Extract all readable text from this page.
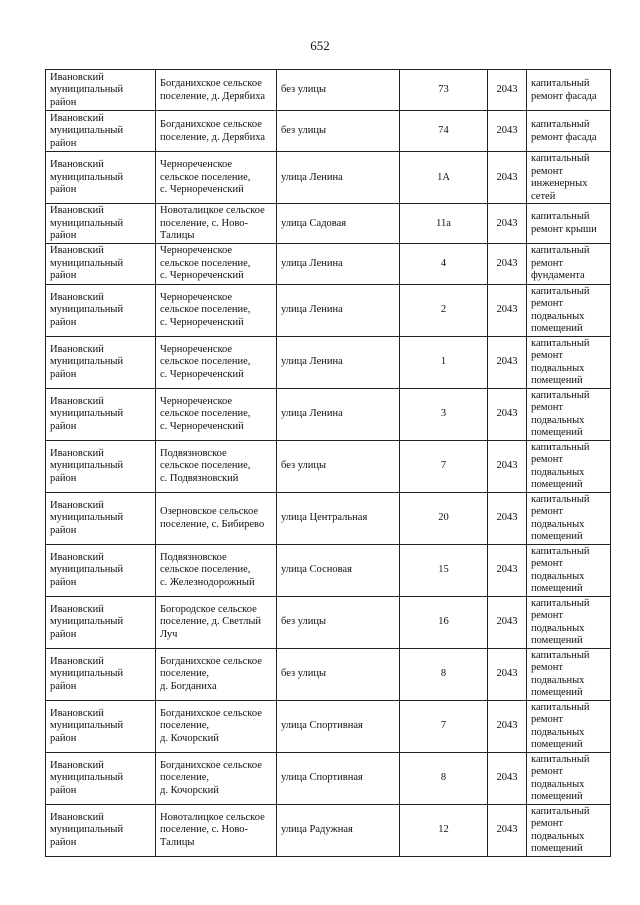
652
Ивановский
муниципальный
район	Богданихское сельское
поселение, д. Дерябиха	без улицы	73	2043	капитальный
ремонт фасада
Ивановский
муниципальный
район	Богданихское сельское
поселение, д. Дерябиха	без улицы	74	2043	капитальный
ремонт фасада
Ивановский
муниципальный
район	Чернореченское
сельское поселение,
с. Чернореченский	улица Ленина	1А	2043	капитальный
ремонт
инженерных
сетей
Ивановский
муниципальный
район	Новоталицкое сельское
поселение, с. Ново-
Талицы	улица Садовая	11а	2043	капитальный
ремонт крыши
Ивановский
муниципальный
район	Чернореченское
сельское поселение,
с. Чернореченский	улица Ленина	4	2043	капитальный
ремонт
фундамента
Ивановский
муниципальный
район	Чернореченское
сельское поселение,
с. Чернореченский	улица Ленина	2	2043	капитальный
ремонт
подвальных
помещений
Ивановский
муниципальный
район	Чернореченское
сельское поселение,
с. Чернореченский	улица Ленина	1	2043	капитальный
ремонт
подвальных
помещений
Ивановский
муниципальный
район	Чернореченское
сельское поселение,
с. Чернореченский	улица Ленина	3	2043	капитальный
ремонт
подвальных
помещений
Ивановский
муниципальный
район	Подвязновское
сельское поселение,
с. Подвязновский	без улицы	7	2043	капитальный
ремонт
подвальных
помещений
Ивановский
муниципальный
район	Озерновское сельское
поселение, с. Бибирево	улица Центральная	20	2043	капитальный
ремонт
подвальных
помещений
Ивановский
муниципальный
район	Подвязновское
сельское поселение,
с. Железнодорожный	улица Сосновая	15	2043	капитальный
ремонт
подвальных
помещений
Ивановский
муниципальный
район	Богородское сельское
поселение, д. Светлый
Луч	без улицы	16	2043	капитальный
ремонт
подвальных
помещений
Ивановский
муниципальный
район	Богданихское сельское
поселение,
д. Богданиха	без улицы	8	2043	капитальный
ремонт
подвальных
помещений
Ивановский
муниципальный
район	Богданихское сельское
поселение,
д. Кочорский	улица Спортивная	7	2043	капитальный
ремонт
подвальных
помещений
Ивановский
муниципальный
район	Богданихское сельское
поселение,
д. Кочорский	улица Спортивная	8	2043	капитальный
ремонт
подвальных
помещений
Ивановский
муниципальный
район	Новоталицкое сельское
поселение, с. Ново-
Талицы	улица Радужная	12	2043	капитальный
ремонт
подвальных
помещений
